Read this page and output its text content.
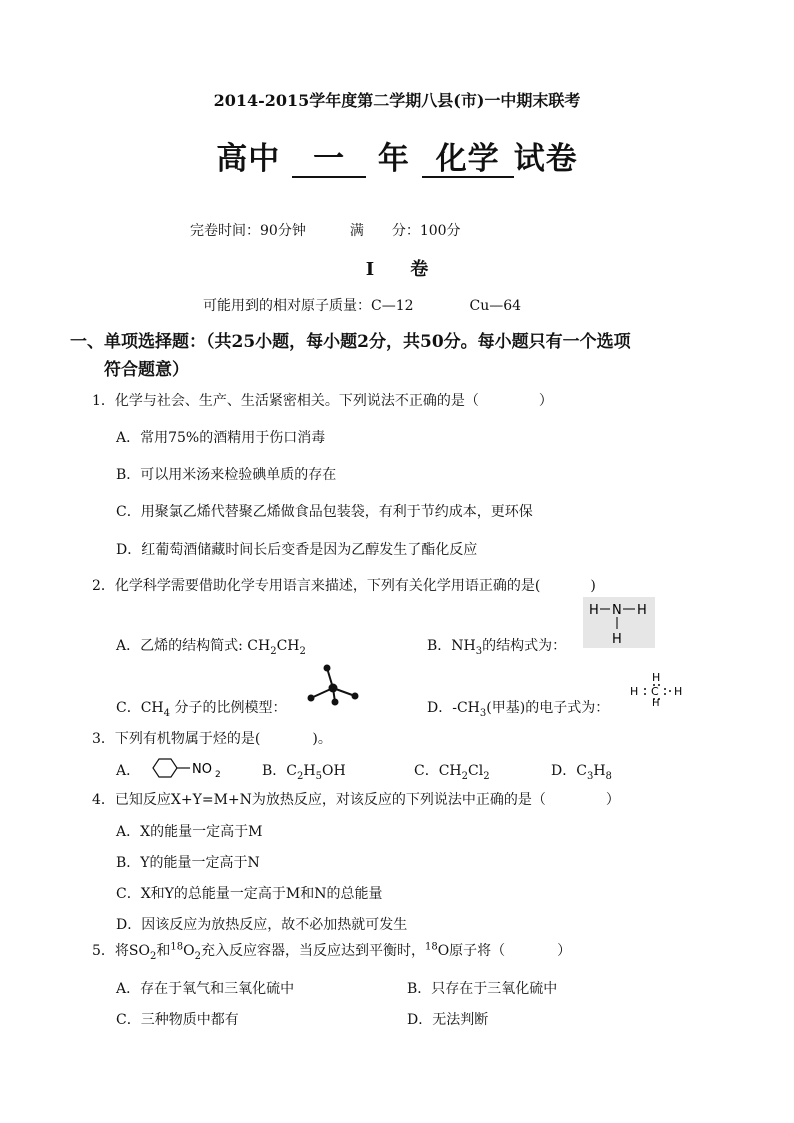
2014-2015学年度第二学期八县(市)一中期末联考
高中 一 年 化学 试卷
完卷时间：90分钟	满　　分：100分
Ⅰ　　卷
可能用到的相对原子质量：C—12	Cu—64
一、单项选择题：（共25小题，每小题2分，共50分。每小题只有一个选项
符合题意）
1．化学与社会、生产、生活紧密相关。下列说法不正确的是（	）
A．常用75%的酒精用于伤口消毒
B．可以用米汤来检验碘单质的存在
C．用聚氯乙烯代替聚乙烯做食品包装袋，有利于节约成本，更环保
D．红葡萄酒储藏时间长后变香是因为乙醇发生了酯化反应
2．化学科学需要借助化学专用语言来描述，下列有关化学用语正确的是(	)
A．乙烯的结构简式: $CH_2CH_2$	B．$NH_3$的结构式为：
H N H
H
C．$CH_4$ 分子的比例模型：	D．$-CH_3$(甲基)的电子式为：
H
H C H
H
3．下列有机物属于烃的是(	)。
A．	NO 2	B．$C_2H_5OH$	C．$CH_2Cl_2$	D．$C_3H_8$
4．已知反应X+Y=M+N为放热反应，对该反应的下列说法中正确的是（	）
A．X的能量一定高于M
B．Y的能量一定高于N
C．X和Y的总能量一定高于M和N的总能量
D．因该反应为放热反应，故不必加热就可发生
5．将$SO_2$和$^{18}O_2$充入反应容器，当反应达到平衡时，$^{18}$O原子将（	）
A．存在于氧气和三氧化硫中	B．只存在于三氧化硫中
C．三种物质中都有	D．无法判断
